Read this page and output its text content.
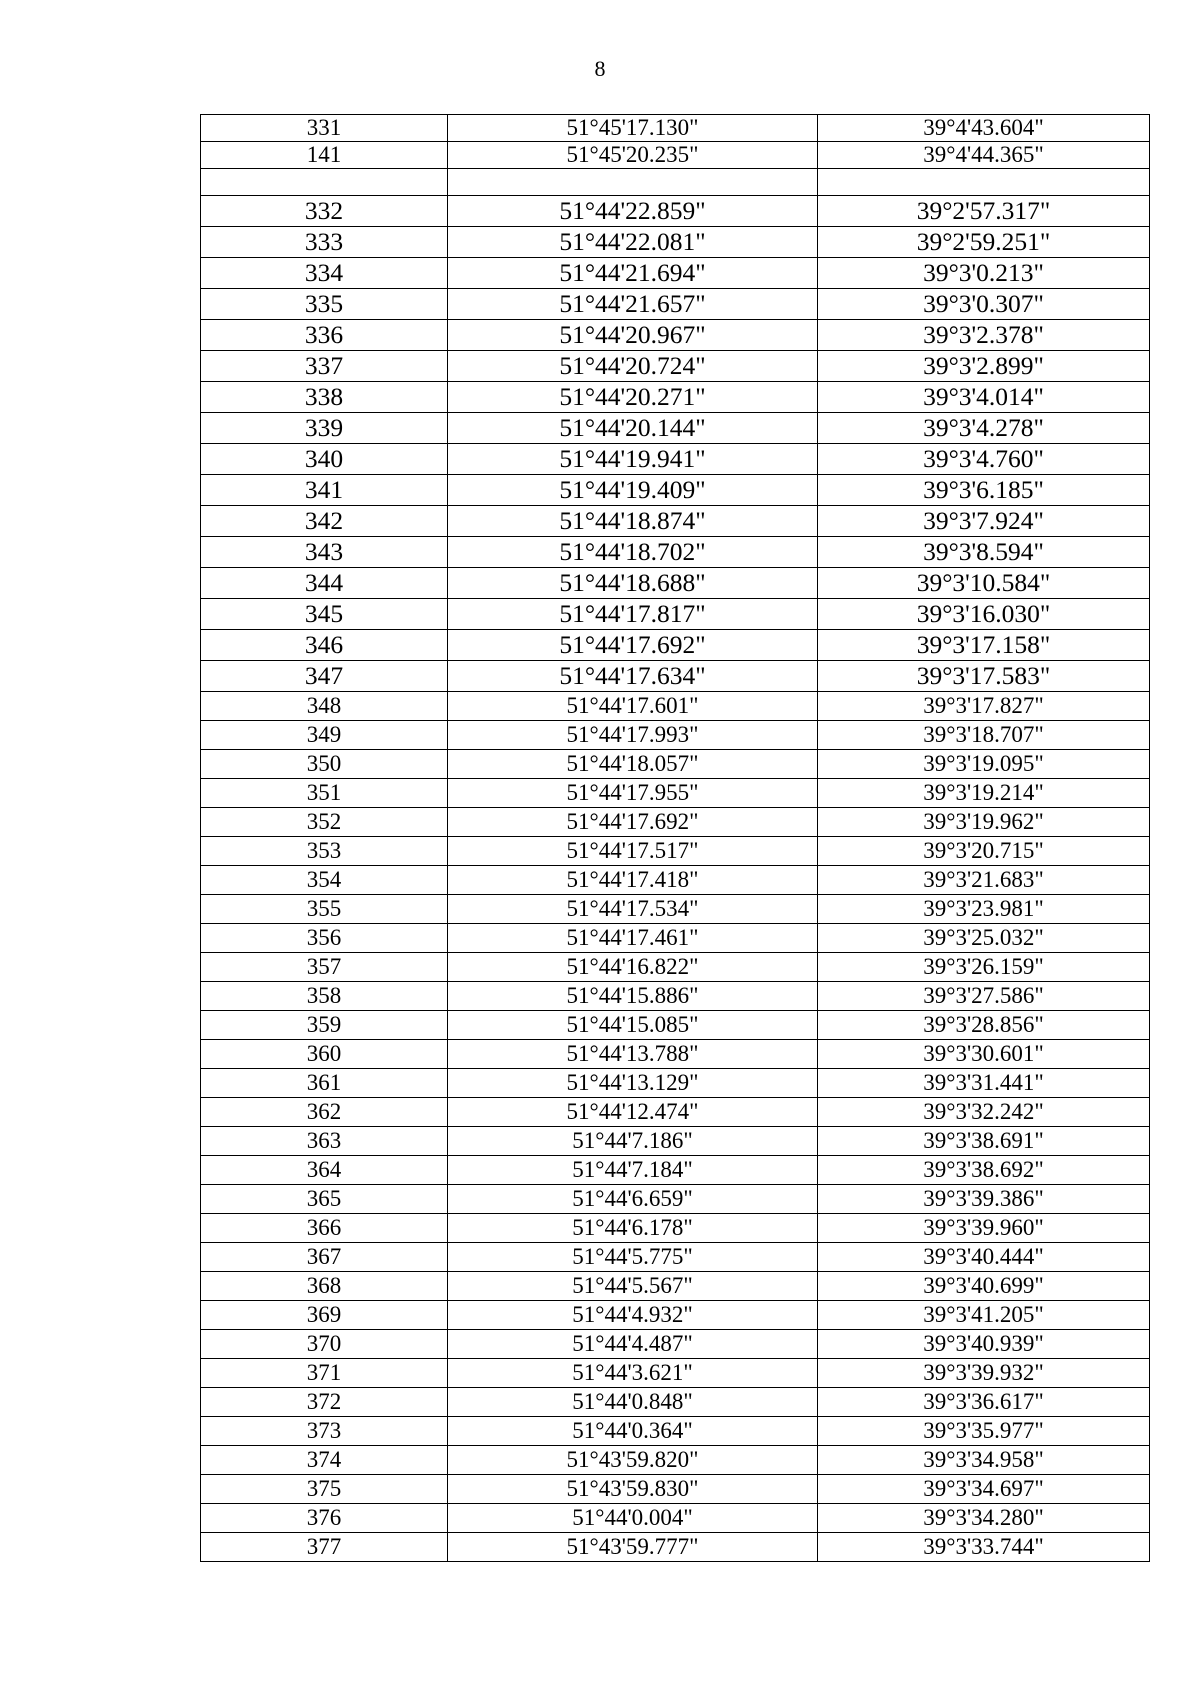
8
331	51°45'17.130"	39°4'43.604"
141	51°45'20.235"	39°4'44.365"

332	51°44'22.859"	39°2'57.317"
333	51°44'22.081"	39°2'59.251"
334	51°44'21.694"	39°3'0.213"
335	51°44'21.657"	39°3'0.307"
336	51°44'20.967"	39°3'2.378"
337	51°44'20.724"	39°3'2.899"
338	51°44'20.271"	39°3'4.014"
339	51°44'20.144"	39°3'4.278"
340	51°44'19.941"	39°3'4.760"
341	51°44'19.409"	39°3'6.185"
342	51°44'18.874"	39°3'7.924"
343	51°44'18.702"	39°3'8.594"
344	51°44'18.688"	39°3'10.584"
345	51°44'17.817"	39°3'16.030"
346	51°44'17.692"	39°3'17.158"
347	51°44'17.634"	39°3'17.583"
348	51°44'17.601"	39°3'17.827"
349	51°44'17.993"	39°3'18.707"
350	51°44'18.057"	39°3'19.095"
351	51°44'17.955"	39°3'19.214"
352	51°44'17.692"	39°3'19.962"
353	51°44'17.517"	39°3'20.715"
354	51°44'17.418"	39°3'21.683"
355	51°44'17.534"	39°3'23.981"
356	51°44'17.461"	39°3'25.032"
357	51°44'16.822"	39°3'26.159"
358	51°44'15.886"	39°3'27.586"
359	51°44'15.085"	39°3'28.856"
360	51°44'13.788"	39°3'30.601"
361	51°44'13.129"	39°3'31.441"
362	51°44'12.474"	39°3'32.242"
363	51°44'7.186"	39°3'38.691"
364	51°44'7.184"	39°3'38.692"
365	51°44'6.659"	39°3'39.386"
366	51°44'6.178"	39°3'39.960"
367	51°44'5.775"	39°3'40.444"
368	51°44'5.567"	39°3'40.699"
369	51°44'4.932"	39°3'41.205"
370	51°44'4.487"	39°3'40.939"
371	51°44'3.621"	39°3'39.932"
372	51°44'0.848"	39°3'36.617"
373	51°44'0.364"	39°3'35.977"
374	51°43'59.820"	39°3'34.958"
375	51°43'59.830"	39°3'34.697"
376	51°44'0.004"	39°3'34.280"
377	51°43'59.777"	39°3'33.744"
